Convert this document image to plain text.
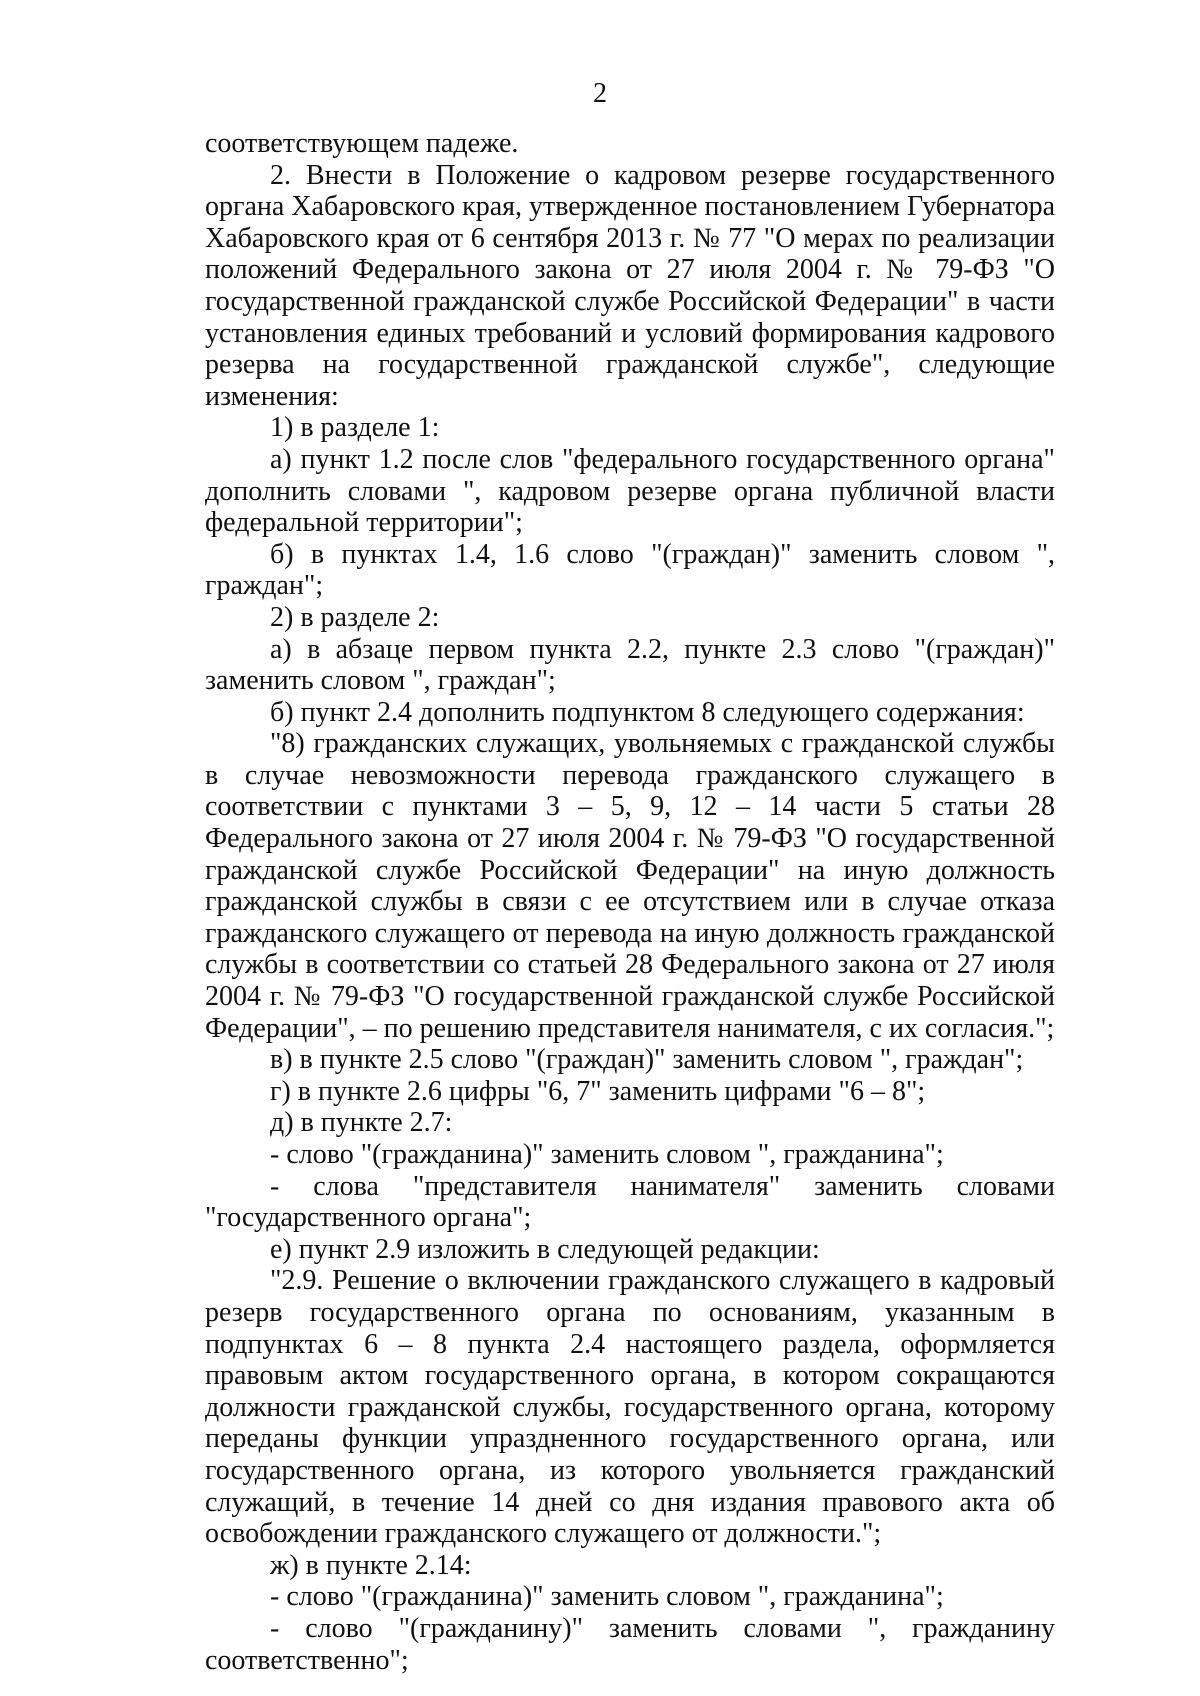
2

соответствующем падеже.

2. Внести в Положение о кадровом резерве государственного органа Хабаровского края, утвержденное постановлением Губернатора Хабаровского края от 6 сентября 2013 г. № 77 "О мерах по реализации положений Федерального закона от 27 июля 2004 г. № 79-ФЗ "О государственной гражданской службе Российской Федерации" в части установления единых требований и условий формирования кадрового резерва на государственной гражданской службе", следующие изменения:

1) в разделе 1:

а) пункт 1.2 после слов "федерального государственного органа" дополнить словами ", кадровом резерве органа публичной власти федеральной территории";

б) в пунктах 1.4, 1.6 слово "(граждан)" заменить словом ", граждан";

2) в разделе 2:

а) в абзаце первом пункта 2.2, пункте 2.3 слово "(граждан)" заменить словом ", граждан";

б) пункт 2.4 дополнить подпунктом 8 следующего содержания:

"8) гражданских служащих, увольняемых с гражданской службы в случае невозможности перевода гражданского служащего в соответствии с пунктами 3 – 5, 9, 12 – 14 части 5 статьи 28 Федерального закона от 27 июля 2004 г. № 79-ФЗ "О государственной гражданской службе Российской Федерации" на иную должность гражданской службы в связи с ее отсутствием или в случае отказа гражданского служащего от перевода на иную должность гражданской службы в соответствии со статьей 28 Федерального закона от 27 июля 2004 г. № 79-ФЗ "О государственной гражданской службе Российской Федерации", – по решению представителя нанимателя, с их согласия.";

в) в пункте 2.5 слово "(граждан)" заменить словом ", граждан";

г) в пункте 2.6 цифры "6, 7" заменить цифрами "6 – 8";

д) в пункте 2.7:

- слово "(гражданина)" заменить словом ", гражданина";

- слова "представителя нанимателя" заменить словами "государственного органа";

е) пункт 2.9 изложить в следующей редакции:

"2.9. Решение о включении гражданского служащего в кадровый резерв государственного органа по основаниям, указанным в подпунктах 6 – 8 пункта 2.4 настоящего раздела, оформляется правовым актом государственного органа, в котором сокращаются должности гражданской службы, государственного органа, которому переданы функции упраздненного государственного органа, или государственного органа, из которого увольняется гражданский служащий, в течение 14 дней со дня издания правового акта об освобождении гражданского служащего от должности.";

ж) в пункте 2.14:

- слово "(гражданина)" заменить словом ", гражданина";

- слово "(гражданину)" заменить словами ", гражданину соответственно";
